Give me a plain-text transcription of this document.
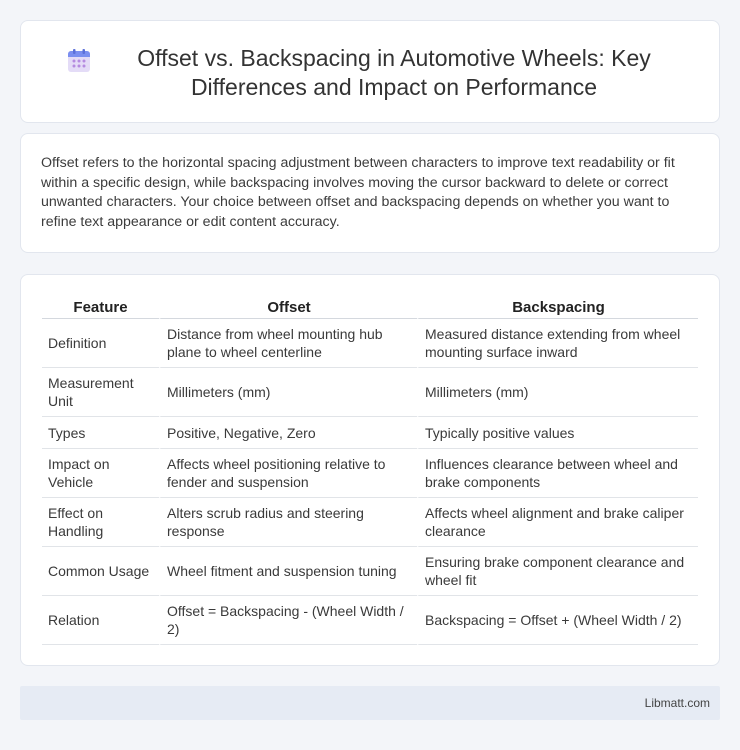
Offset vs. Backspacing in Automotive Wheels: Key Differences and Impact on Performance

Offset refers to the horizontal spacing adjustment between characters to improve text readability or fit within a specific design, while backspacing involves moving the cursor backward to delete or correct unwanted characters. Your choice between offset and backspacing depends on whether you want to refine text appearance or edit content accuracy.

Feature	Offset	Backspacing
Definition	Distance from wheel mounting hub plane to wheel centerline	Measured distance extending from wheel mounting surface inward
Measurement Unit	Millimeters (mm)	Millimeters (mm)
Types	Positive, Negative, Zero	Typically positive values
Impact on Vehicle	Affects wheel positioning relative to fender and suspension	Influences clearance between wheel and brake components
Effect on Handling	Alters scrub radius and steering response	Affects wheel alignment and brake caliper clearance
Common Usage	Wheel fitment and suspension tuning	Ensuring brake component clearance and wheel fit
Relation	Offset = Backspacing - (Wheel Width / 2)	Backspacing = Offset + (Wheel Width / 2)
Libmatt.com
